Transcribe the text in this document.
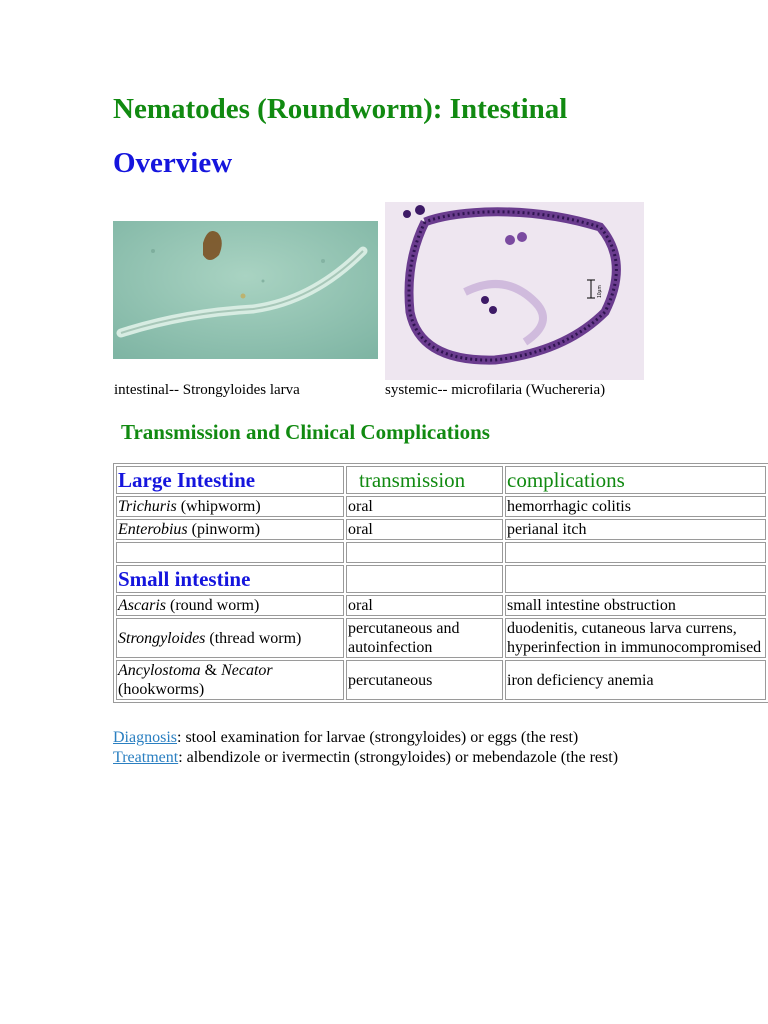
Nematodes (Roundworm): Intestinal
Overview
10µm
intestinal-- Strongyloides larva	systemic-- microfilaria (Wuchereria)
Transmission and Clinical Complications
Large Intestine	transmission	complications
Trichuris (whipworm)	oral	hemorrhagic colitis
Enterobius (pinworm)	oral	perianal itch

Small intestine		
Ascaris (round worm)	oral	small intestine obstruction
Strongyloides (thread worm)	percutaneous and autoinfection	duodenitis, cutaneous larva currens, hyperinfection in immunocompromised
Ancylostoma & Necator
(hookworms)	percutaneous	iron deficiency anemia
Diagnosis: stool examination for larvae (strongyloides) or eggs (the rest)
Treatment: albendizole or ivermectin (strongyloides) or mebendazole (the rest)
